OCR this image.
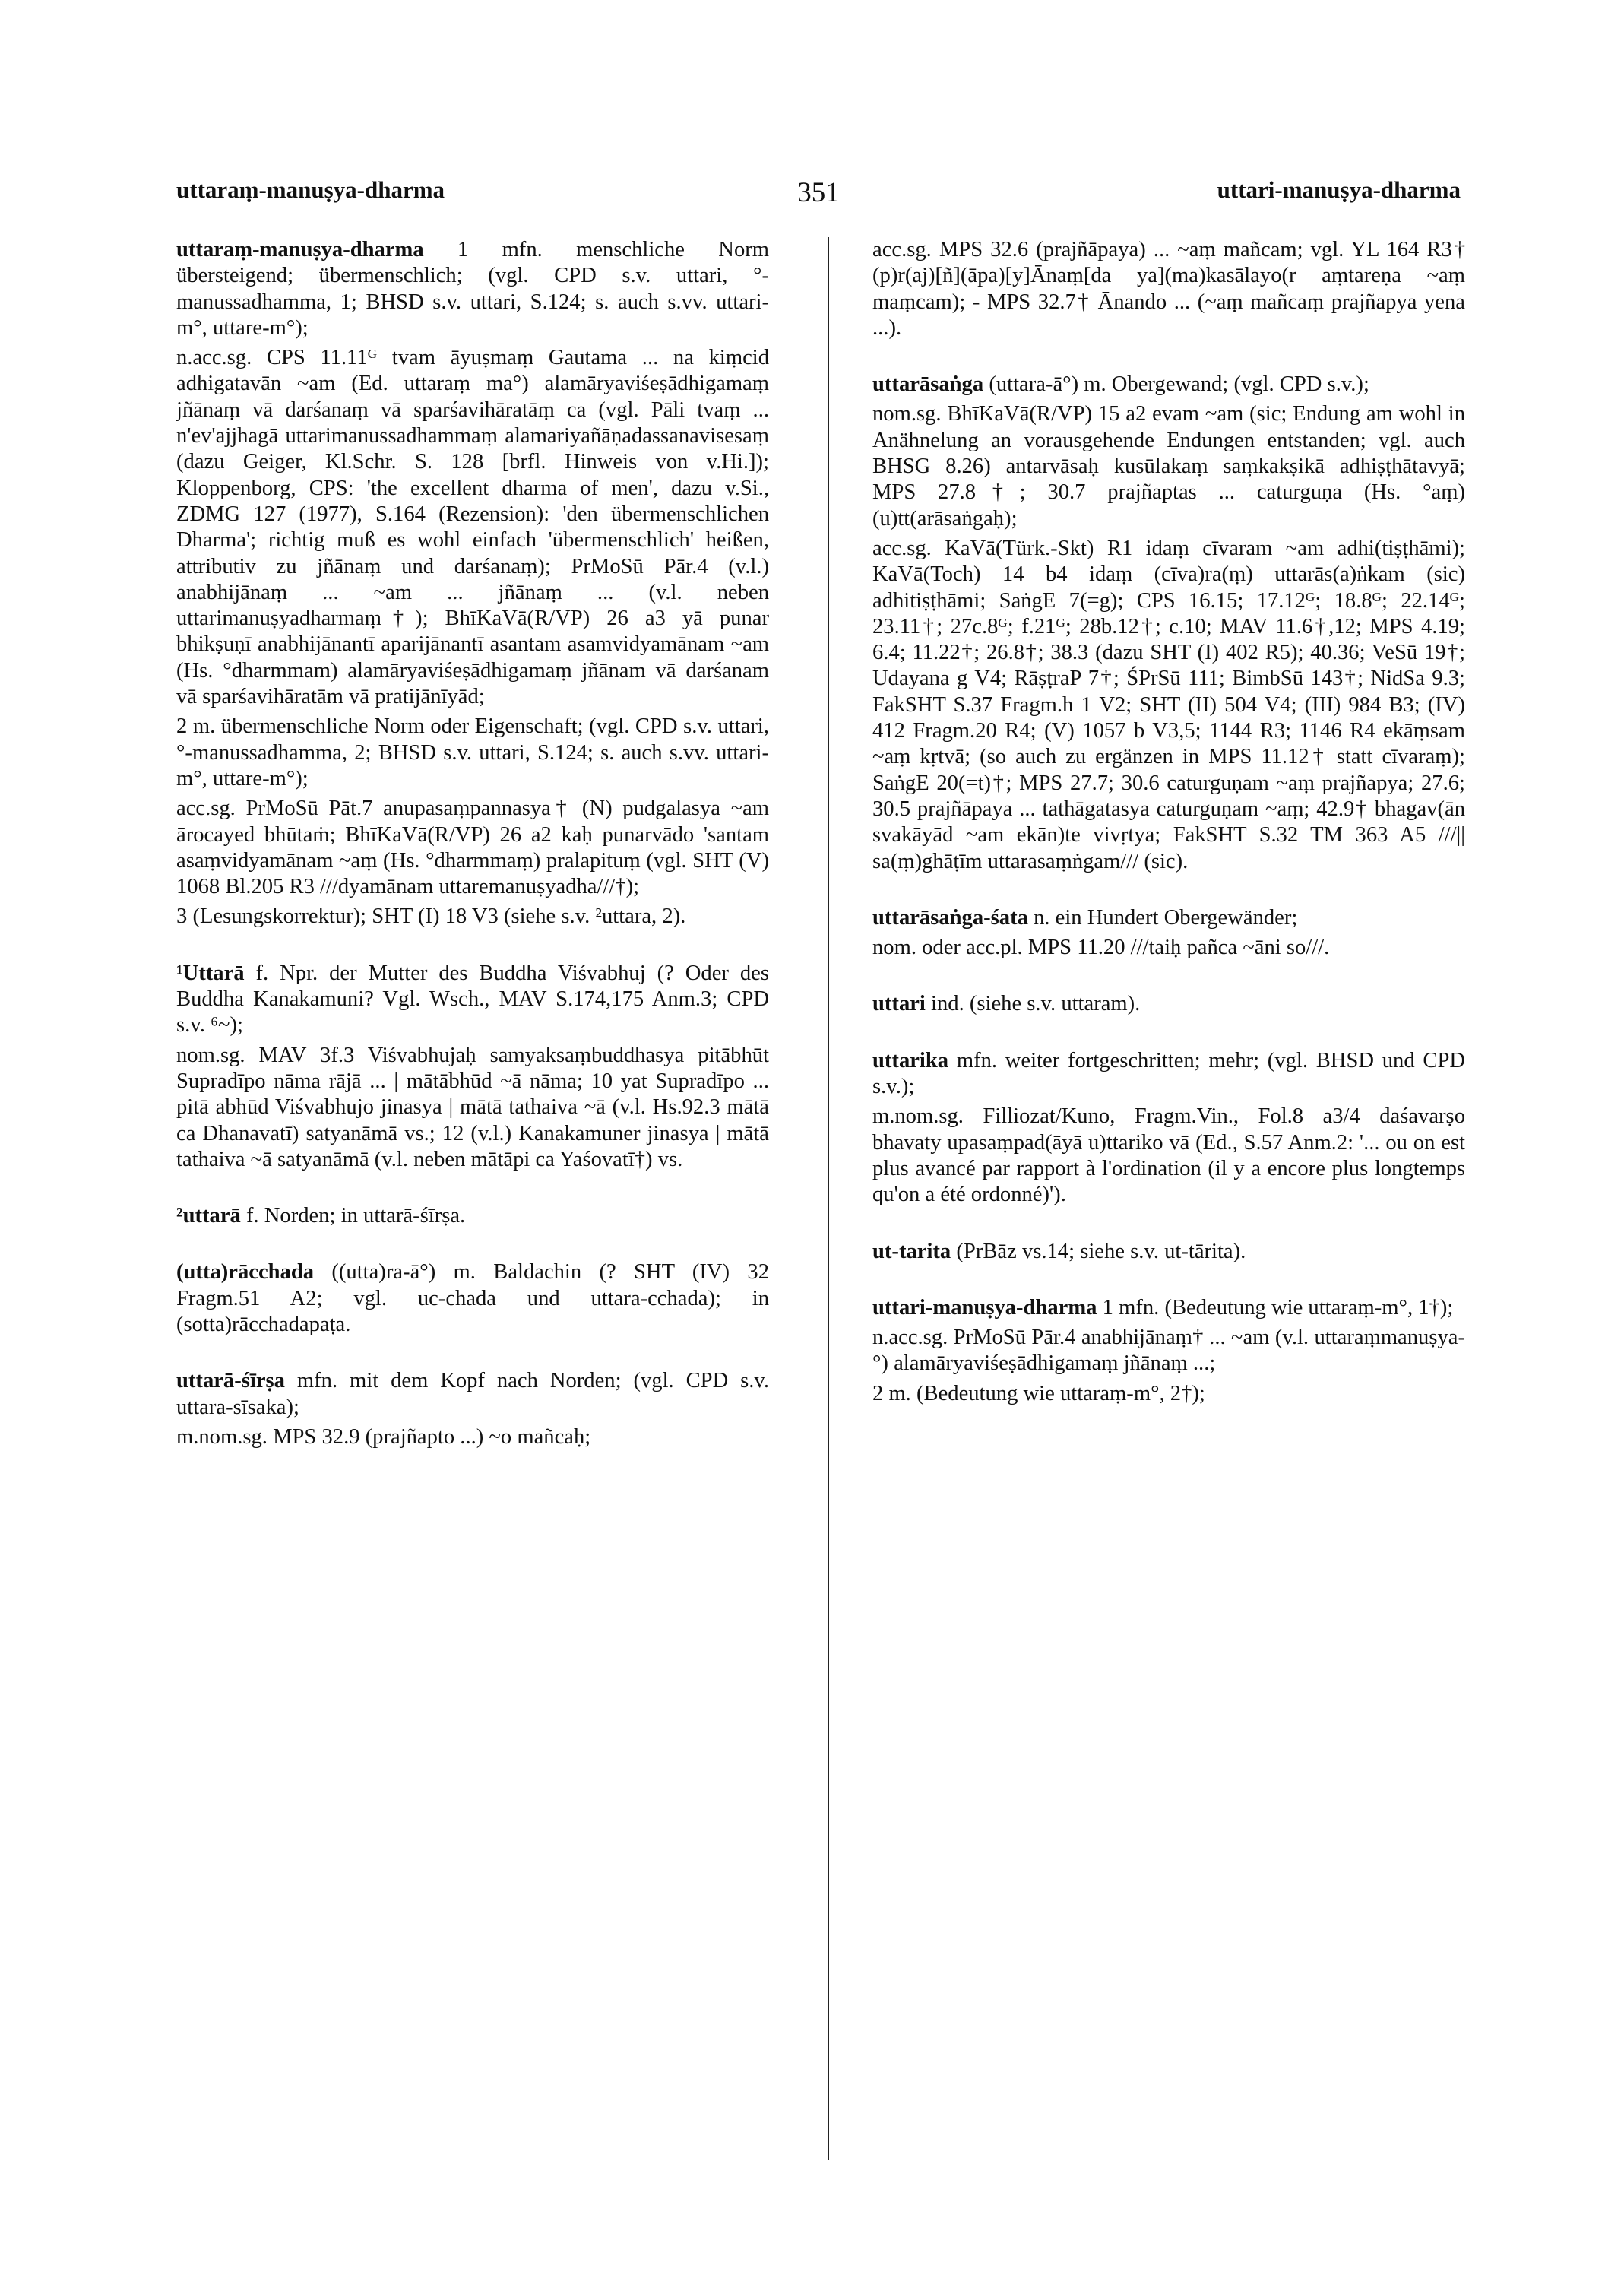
uttaraṃ-manuṣya-dharma	351	uttari-manuṣya-dharma

uttaraṃ-manuṣya-dharma 1 mfn. menschliche Norm übersteigend; übermenschlich; (vgl. CPD s.v. uttari, °-manussadhamma, 1; BHSD s.v. uttari, S.124; s. auch s.vv. uttari-m°, uttare-m°);

n.acc.sg. CPS 11.11ᴳ tvam āyuṣmaṃ Gautama ... na kiṃcid adhigatavān ~am (Ed. uttaraṃ ma°) alamāryaviśeṣādhigamaṃ jñānaṃ vā darśanaṃ vā sparśavihāratāṃ ca (vgl. Pāli tvaṃ ... n'ev'ajjhagā uttarimanussadhammaṃ alamariyañāṇadassanavisesaṃ (dazu Geiger, Kl.Schr. S. 128 [brfl. Hinweis von v.Hi.]); Kloppenborg, CPS: 'the excellent dharma of men', dazu v.Si., ZDMG 127 (1977), S.164 (Rezension): 'den übermenschlichen Dharma'; richtig muß es wohl einfach 'übermenschlich' heißen, attributiv zu jñānaṃ und darśanaṃ); PrMoSū Pār.4 (v.l.) anabhijānaṃ ... ~am ... jñānaṃ ... (v.l. neben uttarimanuṣyadharmaṃ†); BhīKaVā(R/VP) 26 a3 yā punar bhikṣuṇī anabhijānantī aparijānantī asantam asamvidyamānam ~am (Hs. °dharmmam) alamāryaviśeṣādhigamaṃ jñānam vā darśanam vā sparśavihāratām vā pratijānīyād;

2 m. übermenschliche Norm oder Eigenschaft; (vgl. CPD s.v. uttari, °-manussadhamma, 2; BHSD s.v. uttari, S.124; s. auch s.vv. uttari-m°, uttare-m°);

acc.sg. PrMoSū Pāt.7 anupasaṃpannasya† (N) pudgalasya ~am ārocayed bhūtaṁ; BhīKaVā(R/VP) 26 a2 kaḥ punarvādo 'santam asaṃvidyamānam ~aṃ (Hs. °dharmmaṃ) pralapituṃ (vgl. SHT (V) 1068 Bl.205 R3 ///dyamānam uttaremanuṣyadha///†);

3 (Lesungskorrektur); SHT (I) 18 V3 (siehe s.v. ²uttara, 2).

¹Uttarā f. Npr. der Mutter des Buddha Viśvabhuj (? Oder des Buddha Kanakamuni? Vgl. Wsch., MAV S.174,175 Anm.3; CPD s.v. ⁶~);

nom.sg. MAV 3f.3 Viśvabhujaḥ samyaksaṃbuddhasya pitābhūt Supradīpo nāma rājā ... | mātābhūd ~ā nāma; 10 yat Supradīpo ... pitā abhūd Viśvabhujo jinasya | mātā tathaiva ~ā (v.l. Hs.92.3 mātā ca Dhanavatī) satyanāmā vs.; 12 (v.l.) Kanakamuner jinasya | mātā tathaiva ~ā satyanāmā (v.l. neben mātāpi ca Yaśovatī†) vs.

²uttarā f. Norden; in uttarā-śīrṣa.

(utta)rācchada ((utta)ra-ā°) m. Baldachin (? SHT (IV) 32 Fragm.51 A2; vgl. uc-chada und uttara-cchada); in (sotta)rācchadapaṭa.

uttarā-śīrṣa mfn. mit dem Kopf nach Norden; (vgl. CPD s.v. uttara-sīsaka);

m.nom.sg. MPS 32.9 (prajñapto ...) ~o mañcaḥ;

acc.sg. MPS 32.6 (prajñāpaya) ... ~aṃ mañcam; vgl. YL 164 R3† (p)r(aj)[ñ](āpa)[y]Ānaṃ[da ya](ma)kasālayo(r aṃtareṇa ~aṃ maṃcam); - MPS 32.7† Ānando ... (~aṃ mañcaṃ prajñapya yena ...).

uttarāsaṅga (uttara-ā°) m. Obergewand; (vgl. CPD s.v.);

nom.sg. BhīKaVā(R/VP) 15 a2 evam ~am (sic; Endung am wohl in Anähnelung an vorausgehende Endungen entstanden; vgl. auch BHSG 8.26) antarvāsaḥ kusūlakaṃ saṃkakṣikā adhiṣṭhātavyā; MPS 27.8†; 30.7 prajñaptas ... caturguṇa (Hs. °aṃ) (u)tt(arāsaṅgaḥ);

acc.sg. KaVā(Türk.-Skt) R1 idaṃ cīvaram ~am adhi(tiṣṭhāmi); KaVā(Toch) 14 b4 idaṃ (cīva)ra(ṃ) uttarās(a)ṅkam (sic) adhitiṣṭhāmi; SaṅgE 7(=g); CPS 16.15; 17.12ᴳ; 18.8ᴳ; 22.14ᴳ; 23.11†; 27c.8ᴳ; f.21ᴳ; 28b.12†; c.10; MAV 11.6†,12; MPS 4.19; 6.4; 11.22†; 26.8†; 38.3 (dazu SHT (I) 402 R5); 40.36; VeSū 19†; Udayana g V4; RāṣṭraP 7†; ŚPrSū 111; BimbSū 143†; NidSa 9.3; FakSHT S.37 Fragm.h 1 V2; SHT (II) 504 V4; (III) 984 B3; (IV) 412 Fragm.20 R4; (V) 1057 b V3,5; 1144 R3; 1146 R4 ekāṃsam ~aṃ kṛtvā; (so auch zu ergänzen in MPS 11.12† statt cīvaraṃ); SaṅgE 20(=t)†; MPS 27.7; 30.6 caturguṇam ~aṃ prajñapya; 27.6; 30.5 prajñāpaya ... tathāgatasya caturguṇam ~aṃ; 42.9† bhagav(ān svakāyād ~am ekān)te vivṛtya; FakSHT S.32 TM 363 A5 ///|| sa(ṃ)ghāṭīm uttarasaṃṅgam/// (sic).

uttarāsaṅga-śata n. ein Hundert Obergewänder;

nom. oder acc.pl. MPS 11.20 ///taiḥ pañca ~āni so///.

uttari ind. (siehe s.v. uttaram).

uttarika mfn. weiter fortgeschritten; mehr; (vgl. BHSD und CPD s.v.);

m.nom.sg. Filliozat/Kuno, Fragm.Vin., Fol.8 a3/4 daśavarṣo bhavaty upasaṃpad(āyā u)ttariko vā (Ed., S.57 Anm.2: '... ou on est plus avancé par rapport à l'ordination (il y a encore plus longtemps qu'on a été ordonné)').

ut-tarita (PrBāz vs.14; siehe s.v. ut-tārita).

uttari-manuṣya-dharma 1 mfn. (Bedeutung wie uttaraṃ-m°, 1†);

n.acc.sg. PrMoSū Pār.4 anabhijānaṃ† ... ~am (v.l. uttaraṃmanuṣya-°) alamāryaviśeṣādhigamaṃ jñānaṃ ...;

2 m. (Bedeutung wie uttaraṃ-m°, 2†);
